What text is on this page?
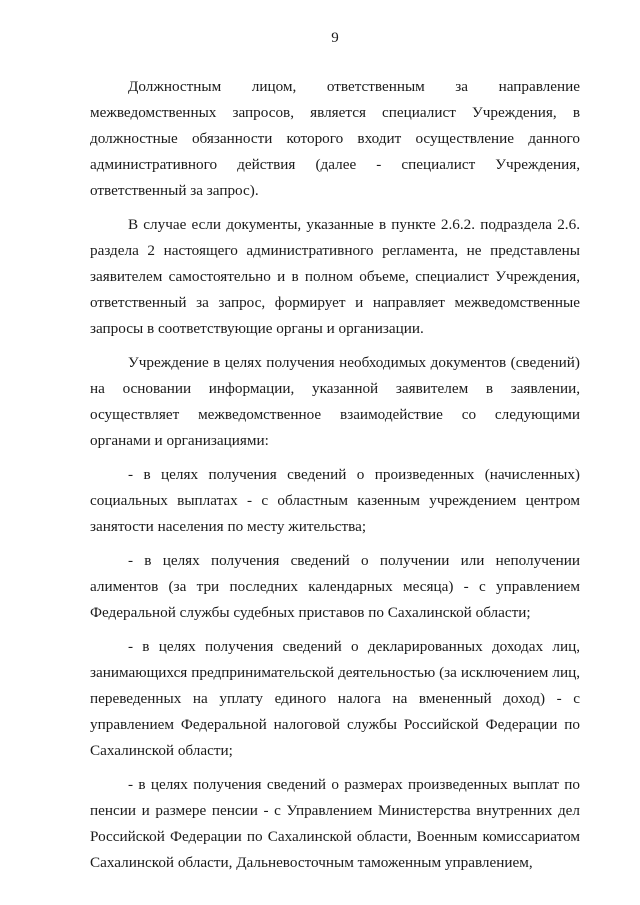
9

Должностным лицом, ответственным за направление межведомственных запросов, является специалист Учреждения, в должностные обязанности которого входит осуществление данного административного действия (далее - специалист Учреждения, ответственный за запрос).

В случае если документы, указанные в пункте 2.6.2. подраздела 2.6. раздела 2 настоящего административного регламента, не представлены заявителем самостоятельно и в полном объеме, специалист Учреждения, ответственный за запрос, формирует и направляет межведомственные запросы в соответствующие органы и организации.

Учреждение в целях получения необходимых документов (сведений) на основании информации, указанной заявителем в заявлении, осуществляет межведомственное взаимодействие со следующими органами и организациями:

- в целях получения сведений о произведенных (начисленных) социальных выплатах - с областным казенным учреждением центром занятости населения по месту жительства;

- в целях получения сведений о получении или неполучении алиментов (за три последних календарных месяца) - с управлением Федеральной службы судебных приставов по Сахалинской области;

- в целях получения сведений о декларированных доходах лиц, занимающихся предпринимательской деятельностью (за исключением лиц, переведенных на уплату единого налога на вмененный доход) - с управлением Федеральной налоговой службы Российской Федерации по Сахалинской области;

- в целях получения сведений о размерах произведенных выплат по пенсии и размере пенсии - с Управлением Министерства внутренних дел Российской Федерации по Сахалинской области, Военным комиссариатом Сахалинской области, Дальневосточным таможенным управлением,
